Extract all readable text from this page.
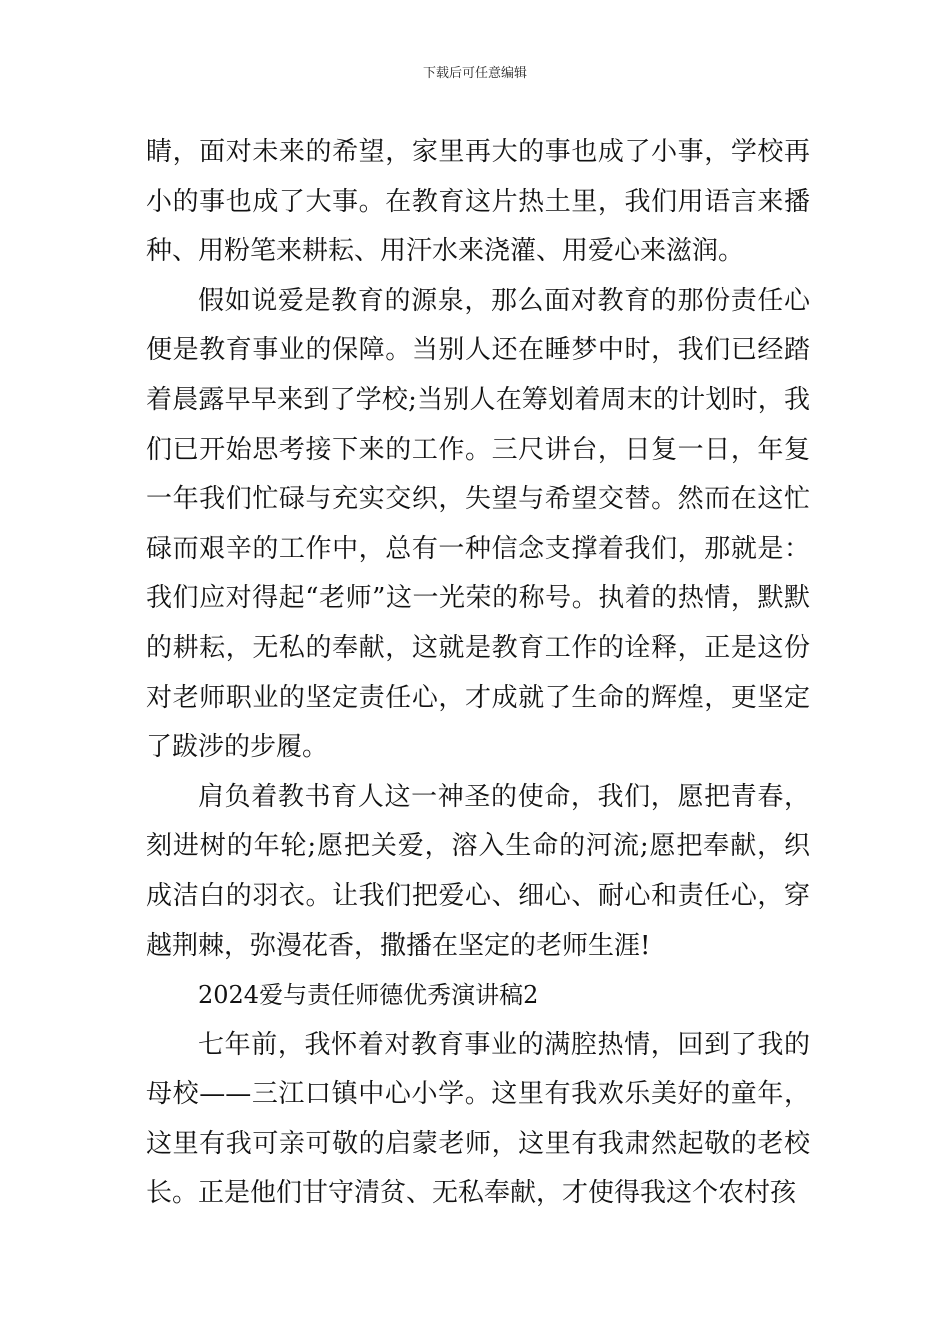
下载后可任意编辑

睛，面对未来的希望，家里再大的事也成了小事，学校再小的事也成了大事。在教育这片热土里，我们用语言来播种、用粉笔来耕耘、用汗水来浇灌、用爱心来滋润。

假如说爱是教育的源泉，那么面对教育的那份责任心便是教育事业的保障。当别人还在睡梦中时，我们已经踏着晨露早早来到了学校;当别人在筹划着周末的计划时，我们已开始思考接下来的工作。三尺讲台，日复一日，年复一年我们忙碌与充实交织，失望与希望交替。然而在这忙碌而艰辛的工作中，总有一种信念支撑着我们，那就是：我们应对得起“老师”这一光荣的称号。执着的热情，默默的耕耘，无私的奉献，这就是教育工作的诠释，正是这份对老师职业的坚定责任心，才成就了生命的辉煌，更坚定了跋涉的步履。

肩负着教书育人这一神圣的使命，我们，愿把青春，刻进树的年轮;愿把关爱，溶入生命的河流;愿把奉献，织成洁白的羽衣。让我们把爱心、细心、耐心和责任心，穿越荆棘，弥漫花香，撒播在坚定的老师生涯!

2024爱与责任师德优秀演讲稿2

七年前，我怀着对教育事业的满腔热情，回到了我的母校——三江口镇中心小学。这里有我欢乐美好的童年，这里有我可亲可敬的启蒙老师，这里有我肃然起敬的老校长。正是他们甘守清贫、无私奉献，才使得我这个农村孩
